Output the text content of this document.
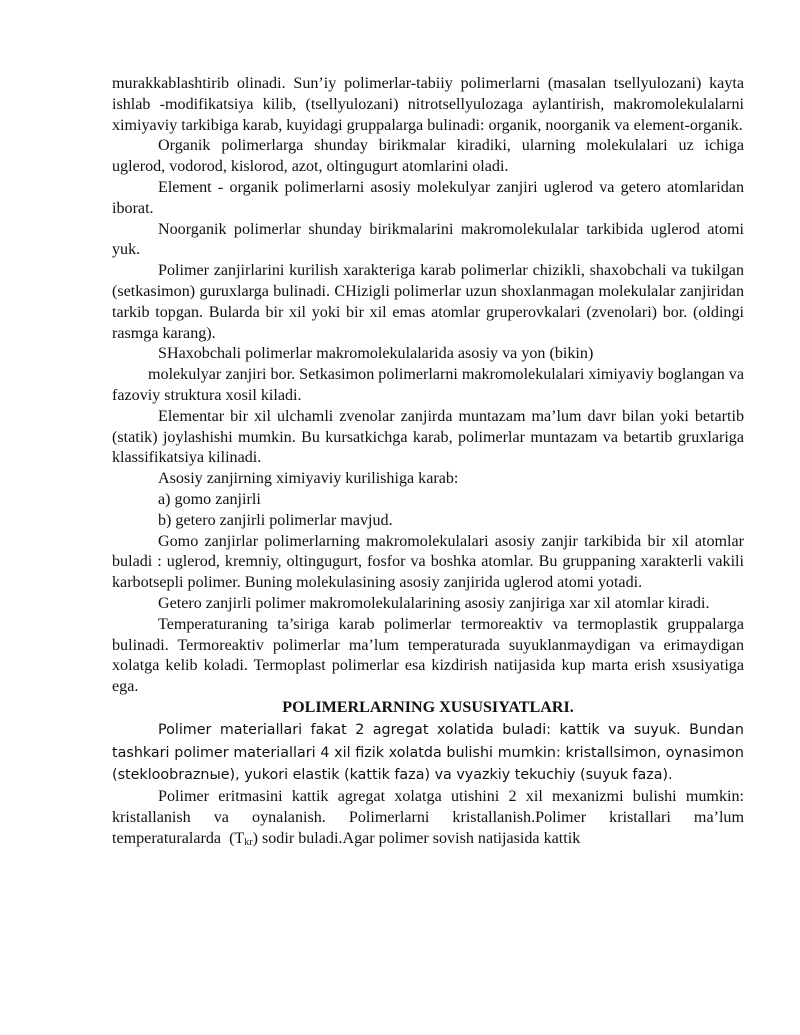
murakkablashtirib olinadi. Sun’iy polimerlar-tabiiy polimerlarni (masalan tsellyulozani) kayta ishlab -modifikatsiya kilib, (tsellyulozani) nitrotsellyulozaga aylantirish, makromolekulalarni ximiyaviy tarkibiga karab, kuyidagi gruppalarga bulinadi: organik, noorganik va element-organik.

Organik polimerlarga shunday birikmalar kiradiki, ularning molekulalari uz ichiga uglerod, vodorod, kislorod, azot, oltingugurt atomlarini oladi.

Element - organik polimerlarni asosiy molekulyar zanjiri uglerod va getero atomlaridan iborat.

Noorganik polimerlar shunday birikmalarini makromolekulalar tarkibida uglerod atomi yuk.

Polimer zanjirlarini kurilish xarakteriga karab polimerlar chizikli, shaxobchali va tukilgan (setkasimon) guruxlarga bulinadi. CHizigli polimerlar uzun shoxlanmagan molekulalar zanjiridan tarkib topgan. Bularda bir xil yoki bir xil emas atomlar gruperovkalari (zvenolari) bor. (oldingi rasmga karang).

SHaxobchali polimerlar makromolekulalarida asosiy va yon (bikin)

molekulyar zanjiri bor. Setkasimon polimerlarni makromolekulalari ximiyaviy boglangan va fazoviy struktura xosil kiladi.

Elementar bir xil ulchamli zvenolar zanjirda muntazam ma’lum davr bilan yoki betartib (statik) joylashishi mumkin. Bu kursatkichga karab, polimerlar muntazam va betartib gruxlariga klassifikatsiya kilinadi.

Asosiy zanjirning ximiyaviy kurilishiga karab:

a) gomo zanjirli

b) getero zanjirli polimerlar mavjud.

Gomo zanjirlar polimerlarning makromolekulalari asosiy zanjir tarkibida bir xil atomlar buladi : uglerod, kremniy, oltingugurt, fosfor va boshka atomlar. Bu gruppaning xarakterli vakili karbotsepli polimer. Buning molekulasining asosiy zanjirida uglerod atomi yotadi.

Getero zanjirli polimer makromolekulalarining asosiy zanjiriga xar xil atomlar kiradi.

Temperaturaning ta’siriga karab polimerlar termoreaktiv va termoplastik gruppalarga bulinadi. Termoreaktiv polimerlar ma’lum temperaturada suyuklanmaydigan va erimaydigan xolatga kelib koladi. Termoplast polimerlar esa kizdirish natijasida kup marta erish xsusiyatiga ega.

POLIMERLARNING XUSUSIYATLARI.

Polimer materiallari fakat 2 agregat xolatida buladi: kattik va suyuk. Bundan tashkari polimer materiallari 4 xil fizik xolatda bulishi mumkin: kristallsimon, oynasimon (stekloobraznые), yukori elastik (kattik faza) va vyazkiy tekuchiy (suyuk faza).

Polimer eritmasini kattik agregat xolatga utishini 2 xil mexanizmi bulishi mumkin: kristallanish va oynalanish. Polimerlarni kristallanish.Polimer kristallari ma’lum temperaturalarda $(T_{kr})$ sodir buladi.Agar polimer sovish natijasida kattik
